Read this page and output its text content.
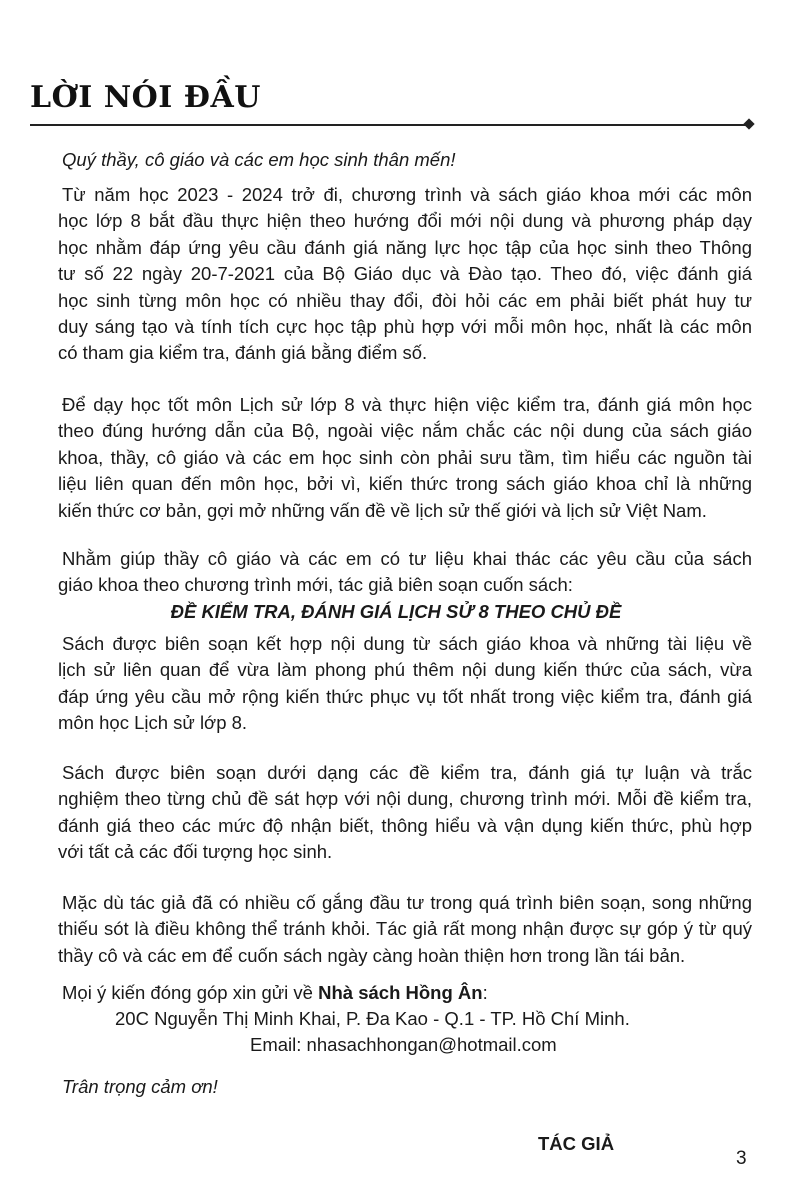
LỜI NÓI ĐẦU
Quý thầy, cô giáo và các em học sinh thân mến!
Từ năm học 2023 - 2024 trở đi, chương trình và sách giáo khoa mới các môn
học lớp 8 bắt đầu thực hiện theo hướng đổi mới nội dung và phương pháp dạy
học nhằm đáp ứng yêu cầu đánh giá năng lực học tập của học sinh theo Thông
tư số 22 ngày 20-7-2021 của Bộ Giáo dục và Đào tạo. Theo đó, việc đánh giá
học sinh từng môn học có nhiều thay đổi, đòi hỏi các em phải biết phát huy tư
duy sáng tạo và tính tích cực học tập phù hợp với mỗi môn học, nhất là các môn
có tham gia kiểm tra, đánh giá bằng điểm số.
Để dạy học tốt môn Lịch sử lớp 8 và thực hiện việc kiểm tra, đánh giá môn học
theo đúng hướng dẫn của Bộ, ngoài việc nắm chắc các nội dung của sách giáo
khoa, thầy, cô giáo và các em học sinh còn phải sưu tầm, tìm hiểu các nguồn tài
liệu liên quan đến môn học, bởi vì, kiến thức trong sách giáo khoa chỉ là những
kiến thức cơ bản, gợi mở những vấn đề về lịch sử thế giới và lịch sử Việt Nam.
Nhằm giúp thầy cô giáo và các em có tư liệu khai thác các yêu cầu của sách
giáo khoa theo chương trình mới, tác giả biên soạn cuốn sách:
ĐỀ KIỂM TRA, ĐÁNH GIÁ LỊCH SỬ 8 THEO CHỦ ĐỀ
Sách được biên soạn kết hợp nội dung từ sách giáo khoa và những tài liệu về
lịch sử liên quan để vừa làm phong phú thêm nội dung kiến thức của sách, vừa
đáp ứng yêu cầu mở rộng kiến thức phục vụ tốt nhất trong việc kiểm tra, đánh giá
môn học Lịch sử lớp 8.
Sách được biên soạn dưới dạng các đề kiểm tra, đánh giá tự luận và trắc
nghiệm theo từng chủ đề sát hợp với nội dung, chương trình mới. Mỗi đề kiểm tra,
đánh giá theo các mức độ nhận biết, thông hiểu và vận dụng kiến thức, phù hợp
với tất cả các đối tượng học sinh.
Mặc dù tác giả đã có nhiều cố gắng đầu tư trong quá trình biên soạn, song những
thiếu sót là điều không thể tránh khỏi. Tác giả rất mong nhận được sự góp ý từ quý
thầy cô và các em để cuốn sách ngày càng hoàn thiện hơn trong lần tái bản.
Mọi ý kiến đóng góp xin gửi về Nhà sách Hồng Ân:
20C Nguyễn Thị Minh Khai, P. Đa Kao - Q.1 - TP. Hồ Chí Minh.
Email: nhasachhongan@hotmail.com
Trân trọng cảm ơn!
TÁC GIẢ
3
